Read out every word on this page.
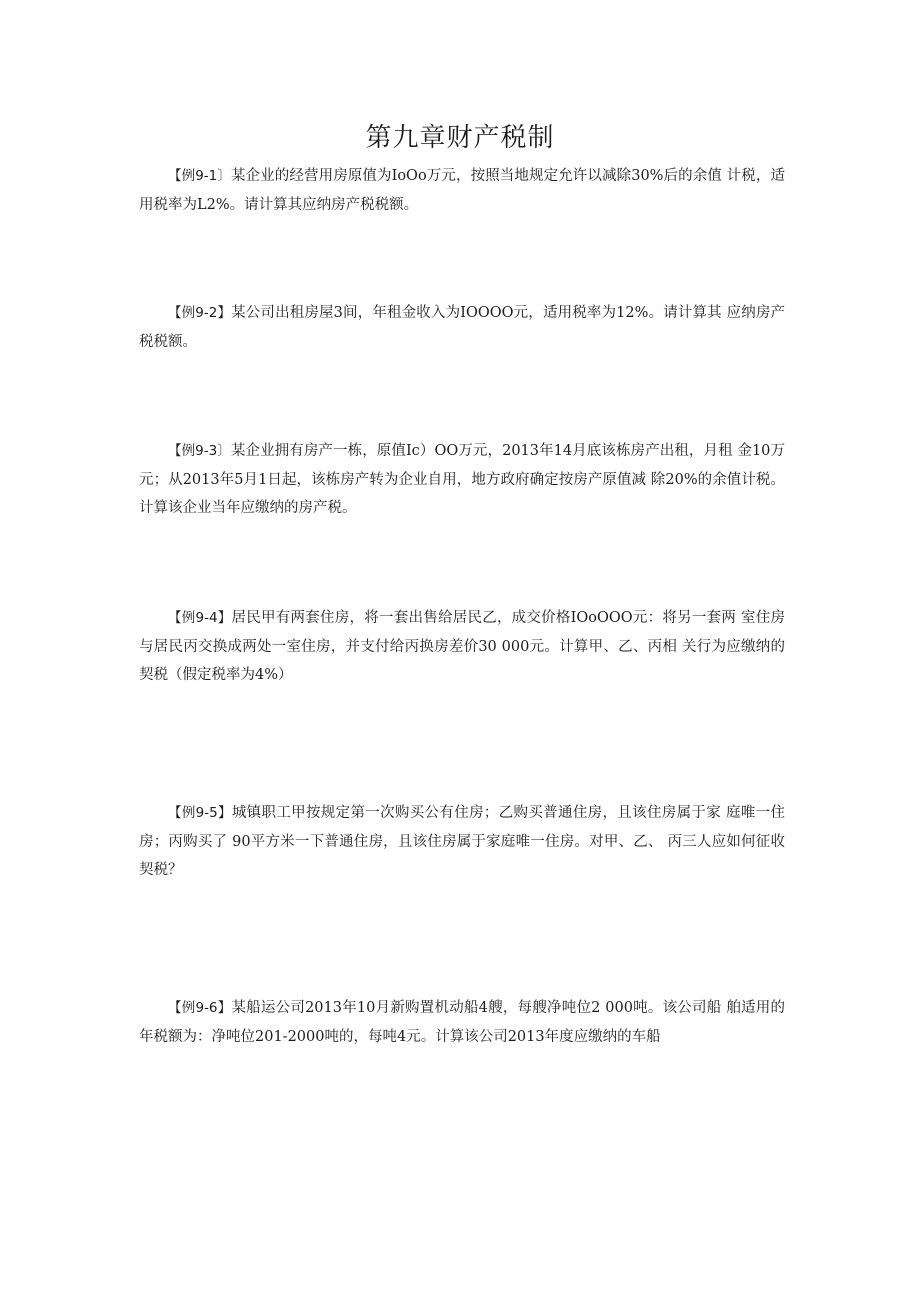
第九章财产税制

【例9-1〕某企业的经营用房原值为IoOo万元，按照当地规定允许以减除30%后的余值 计税，适用税率为L2%。请计算其应纳房产税税额。

【例9-2】某公司出租房屋3间，年租金收入为IOOOO元，适用税率为12%。请计算其 应纳房产税税额。

【例9-3〕某企业拥有房产一栋，原值Ic）OO万元，2013年14月底该栋房产出租，月租 金10万元；从2013年5月1日起，该栋房产转为企业自用，地方政府确定按房产原值减 除20%的余值计税。计算该企业当年应缴纳的房产税。

【例9-4】居民甲有两套住房，将一套出售给居民乙，成交价格IOoOOO元：将另一套两 室住房与居民丙交换成两处一室住房，并支付给丙换房差价30 000元。计算甲、乙、丙相 关行为应缴纳的契税（假定税率为4%）

【例9-5】城镇职工甲按规定第一次购买公有住房；乙购买普通住房，且该住房属于家 庭唯一住房；丙购买了 90平方米一下普通住房，且该住房属于家庭唯一住房。对甲、乙、 丙三人应如何征收契税？

【例9-6】某船运公司2013年10月新购置机动船4艘，每艘净吨位2 000吨。该公司船 舶适用的年税额为：净吨位201-2000吨的，每吨4元。计算该公司2013年度应缴纳的车船
